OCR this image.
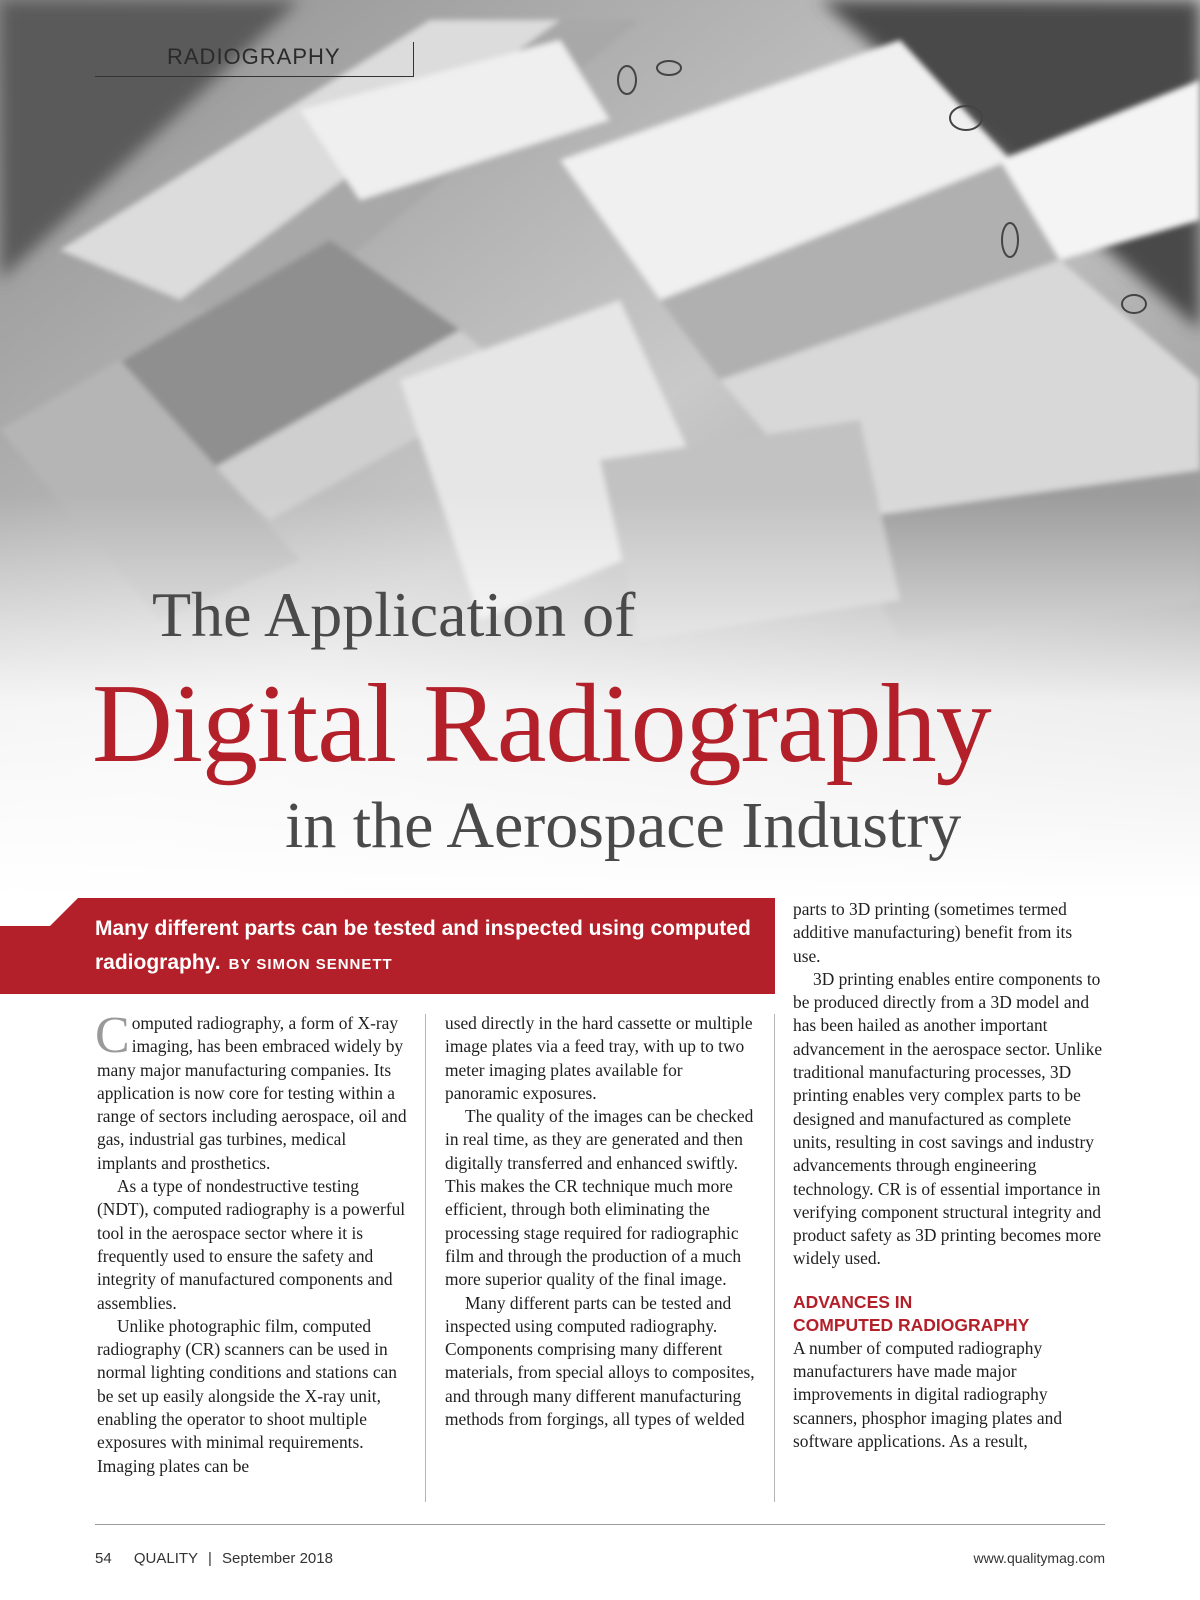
RADIOGRAPHY
The Application of
Digital Radiography
in the Aerospace Industry
Many different parts can be tested and inspected using computed radiography. BY SIMON SENNETT

Computed radiography, a form of X-ray imaging, has been embraced widely by many major manufacturing companies. Its application is now core for testing within a range of sectors including aerospace, oil and gas, industrial gas turbines, medical implants and prosthetics.

As a type of nondestructive testing (NDT), computed radiography is a powerful tool in the aerospace sector where it is frequently used to ensure the safety and integrity of manufactured components and assemblies.

Unlike photographic film, computed radiography (CR) scanners can be used in normal lighting conditions and stations can be set up easily alongside the X-ray unit, enabling the operator to shoot multiple exposures with minimal requirements. Imaging plates can be

used directly in the hard cassette or multiple image plates via a feed tray, with up to two meter imaging plates available for panoramic exposures.

The quality of the images can be checked in real time, as they are generated and then digitally transferred and enhanced swiftly. This makes the CR technique much more efficient, through both eliminating the processing stage required for radiographic film and through the production of a much more superior quality of the final image.

Many different parts can be tested and inspected using computed radiography. Components comprising many different materials, from special alloys to composites, and through many different manufacturing methods from forgings, all types of welded

parts to 3D printing (sometimes termed additive manufacturing) benefit from its use.

3D printing enables entire components to be produced directly from a 3D model and has been hailed as another important advancement in the aerospace sector. Unlike traditional manufacturing processes, 3D printing enables very complex parts to be designed and manufactured as complete units, resulting in cost savings and industry advancements through engineering technology. CR is of essential importance in verifying component structural integrity and product safety as 3D printing becomes more widely used.

ADVANCES IN
COMPUTED RADIOGRAPHY

A number of computed radiography manufacturers have made major improvements in digital radiography scanners, phosphor imaging plates and software applications. As a result,

54 QUALITY | September 2018	www.qualitymag.com
